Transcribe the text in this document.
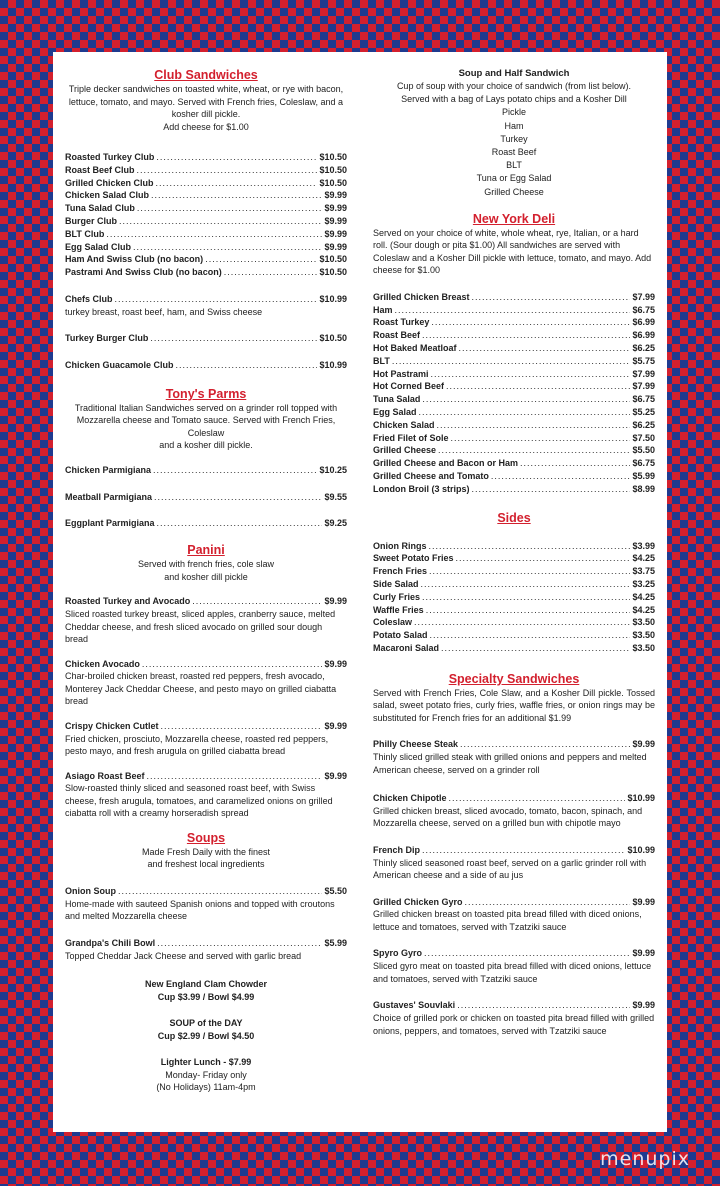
Club Sandwiches

Triple decker sandwiches on toasted white, wheat, or rye with bacon, lettuce, tomato, and mayo. Served with French fries, Coleslaw, and a kosher dill pickle.

Add cheese for $1.00

Roasted Turkey Club .....	$10.50
Roast Beef Club .....	$10.50
Grilled Chicken Club .....	$10.50
Chicken Salad Club .....	$9.99
Tuna Salad Club .....	$9.99
Burger Club .....	$9.99
BLT Club .....	$9.99
Egg Salad Club .....	$9.99
Ham And Swiss Club (no bacon) .....	$10.50
Pastrami And Swiss Club (no bacon) .....	$10.50
Chefs Club .....	$10.99

turkey breast, roast beef, ham, and Swiss cheese

Turkey Burger Club .....	$10.50
Chicken Guacamole Club .....	$10.99
Tony's Parms

Traditional Italian Sandwiches served on a grinder roll topped with Mozzarella cheese and Tomato sauce. Served with French Fries, Coleslaw

and a kosher dill pickle.

Chicken Parmigiana .....	$10.25
Meatball Parmigiana .....	$9.55
Eggplant Parmigiana .....	$9.25
Panini

Served with french fries, cole slaw

and kosher dill pickle

Roasted Turkey and Avocado .....	$9.99

Sliced roasted turkey breast, sliced apples, cranberry sauce, melted Cheddar cheese, and fresh sliced avocado on grilled sour dough bread

Chicken Avocado .....	$9.99

Char-broiled chicken breast, roasted red peppers, fresh avocado, Monterey Jack Cheddar Cheese, and pesto mayo on grilled ciabatta bread

Crispy Chicken Cutlet .....	$9.99

Fried chicken, prosciuto, Mozzarella cheese, roasted red peppers, pesto mayo, and fresh arugula on grilled ciabatta bread

Asiago Roast Beef .....	$9.99

Slow-roasted thinly sliced and seasoned roast beef, with Swiss cheese, fresh arugula, tomatoes, and caramelized onions on grilled ciabatta roll with a creamy horseradish spread

Soups

Made Fresh Daily with the finest

and freshest local ingredients

Onion Soup .....	$5.50

Home-made with sauteed Spanish onions and topped with croutons and melted Mozzarella cheese

Grandpa's Chili Bowl .....	$5.99

Topped Cheddar Jack Cheese and served with garlic bread

New England Clam Chowder

Cup $3.99 / Bowl $4.99

SOUP of the DAY

Cup $2.99 / Bowl $4.50

Lighter Lunch - $7.99

Monday- Friday only

(No Holidays) 11am-4pm

Soup and Half Sandwich

Cup of soup with your choice of sandwich (from list below).

Served with a bag of Lays potato chips and a Kosher Dill

Pickle

Ham

Turkey

Roast Beef

BLT

Tuna or Egg Salad

Grilled Cheese

New York Deli

Served on your choice of white, whole wheat, rye, Italian, or a hard roll. (Sour dough or pita $1.00) All sandwiches are served with Coleslaw and a Kosher Dill pickle with lettuce, tomato, and mayo. Add cheese for $1.00

Grilled Chicken Breast .....	$7.99
Ham .....	$6.75
Roast Turkey .....	$6.99
Roast Beef .....	$6.99
Hot Baked Meatloaf .....	$6.25
BLT .....	$5.75
Hot Pastrami .....	$7.99
Hot Corned Beef .....	$7.99
Tuna Salad .....	$6.75
Egg Salad .....	$5.25
Chicken Salad .....	$6.25
Fried Filet of Sole .....	$7.50
Grilled Cheese .....	$5.50
Grilled Cheese and Bacon or Ham .....	$6.75
Grilled Cheese and Tomato .....	$5.99
London Broil (3 strips) .....	$8.99
Sides
Onion Rings .....	$3.99
Sweet Potato Fries .....	$4.25
French Fries .....	$3.75
Side Salad .....	$3.25
Curly Fries .....	$4.25
Waffle Fries .....	$4.25
Coleslaw .....	$3.50
Potato Salad .....	$3.50
Macaroni Salad .....	$3.50
Specialty Sandwiches

Served with French Fries, Cole Slaw, and a Kosher Dill pickle. Tossed salad, sweet potato fries, curly fries, waffle fries, or onion rings may be substituted for French fries for an additional $1.99

Philly Cheese Steak .....	$9.99

Thinly sliced grilled steak with grilled onions and peppers and melted American cheese, served on a grinder roll

Chicken Chipotle .....	$10.99

Grilled chicken breast, sliced avocado, tomato, bacon, spinach, and Mozzarella cheese, served on a grilled bun with chipotle mayo

French Dip .....	$10.99

Thinly sliced seasoned roast beef, served on a garlic grinder roll with American cheese and a side of au jus

Grilled Chicken Gyro .....	$9.99

Grilled chicken breast on toasted pita bread filled with diced onions, lettuce and tomatoes, served with Tzatziki sauce

Spyro Gyro .....	$9.99

Sliced gyro meat on toasted pita bread filled with diced onions, lettuce and tomatoes, served with Tzatziki sauce

Gustaves' Souvlaki .....	$9.99

Choice of grilled pork or chicken on toasted pita bread filled with grilled onions, peppers, and tomatoes, served with Tzatziki sauce

menupix
